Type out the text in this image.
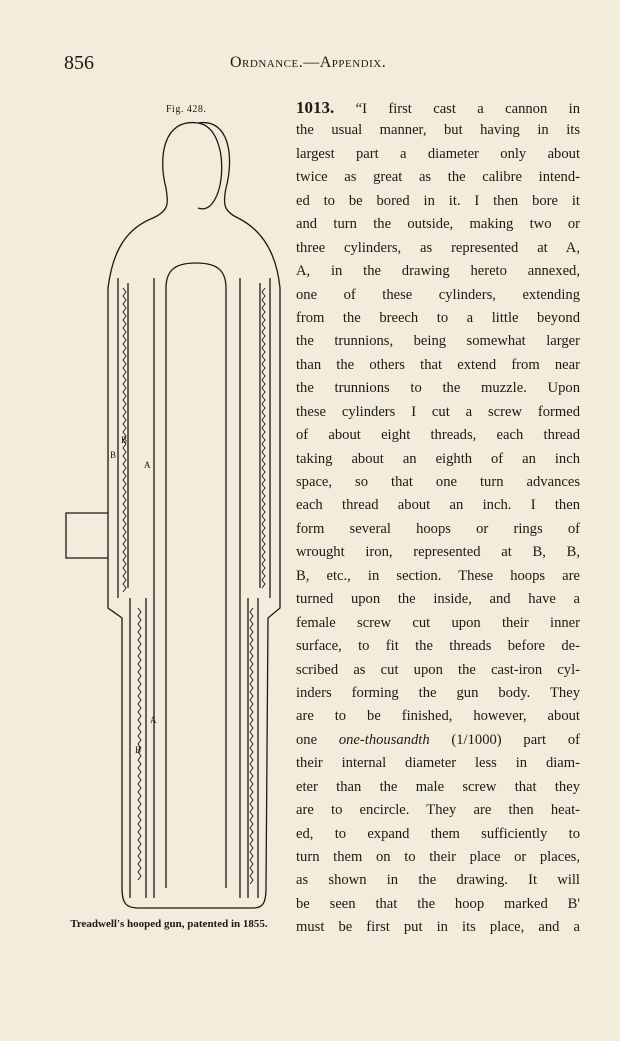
856	Ordnance.—Appendix.
Fig. 428.
B'
B
A
A
B
Treadwell's hooped gun, patented in 1855.
1013. “I first cast a cannon in
the usual manner, but having in its
largest part a diameter only about
twice as great as the calibre intend-
ed to be bored in it. I then bore it
and turn the outside, making two or
three cylinders, as represented at A,
A, in the drawing hereto annexed,
one of these cylinders, extending
from the breech to a little beyond
the trunnions, being somewhat larger
than the others that extend from near
the trunnions to the muzzle. Upon
these cylinders I cut a screw formed
of about eight threads, each thread
taking about an eighth of an inch
space, so that one turn advances
each thread about an inch. I then
form several hoops or rings of
wrought iron, represented at B, B,
B, etc., in section. These hoops are
turned upon the inside, and have a
female screw cut upon their inner
surface, to fit the threads before de-
scribed as cut upon the cast-iron cyl-
inders forming the gun body. They
are to be finished, however, about
one one-thousandth (1/1000) part of
their internal diameter less in diam-
eter than the male screw that they
are to encircle. They are then heat-
ed, to expand them sufficiently to
turn them on to their place or places,
as shown in the drawing. It will
be seen that the hoop marked B'
must be first put in its place, and a
